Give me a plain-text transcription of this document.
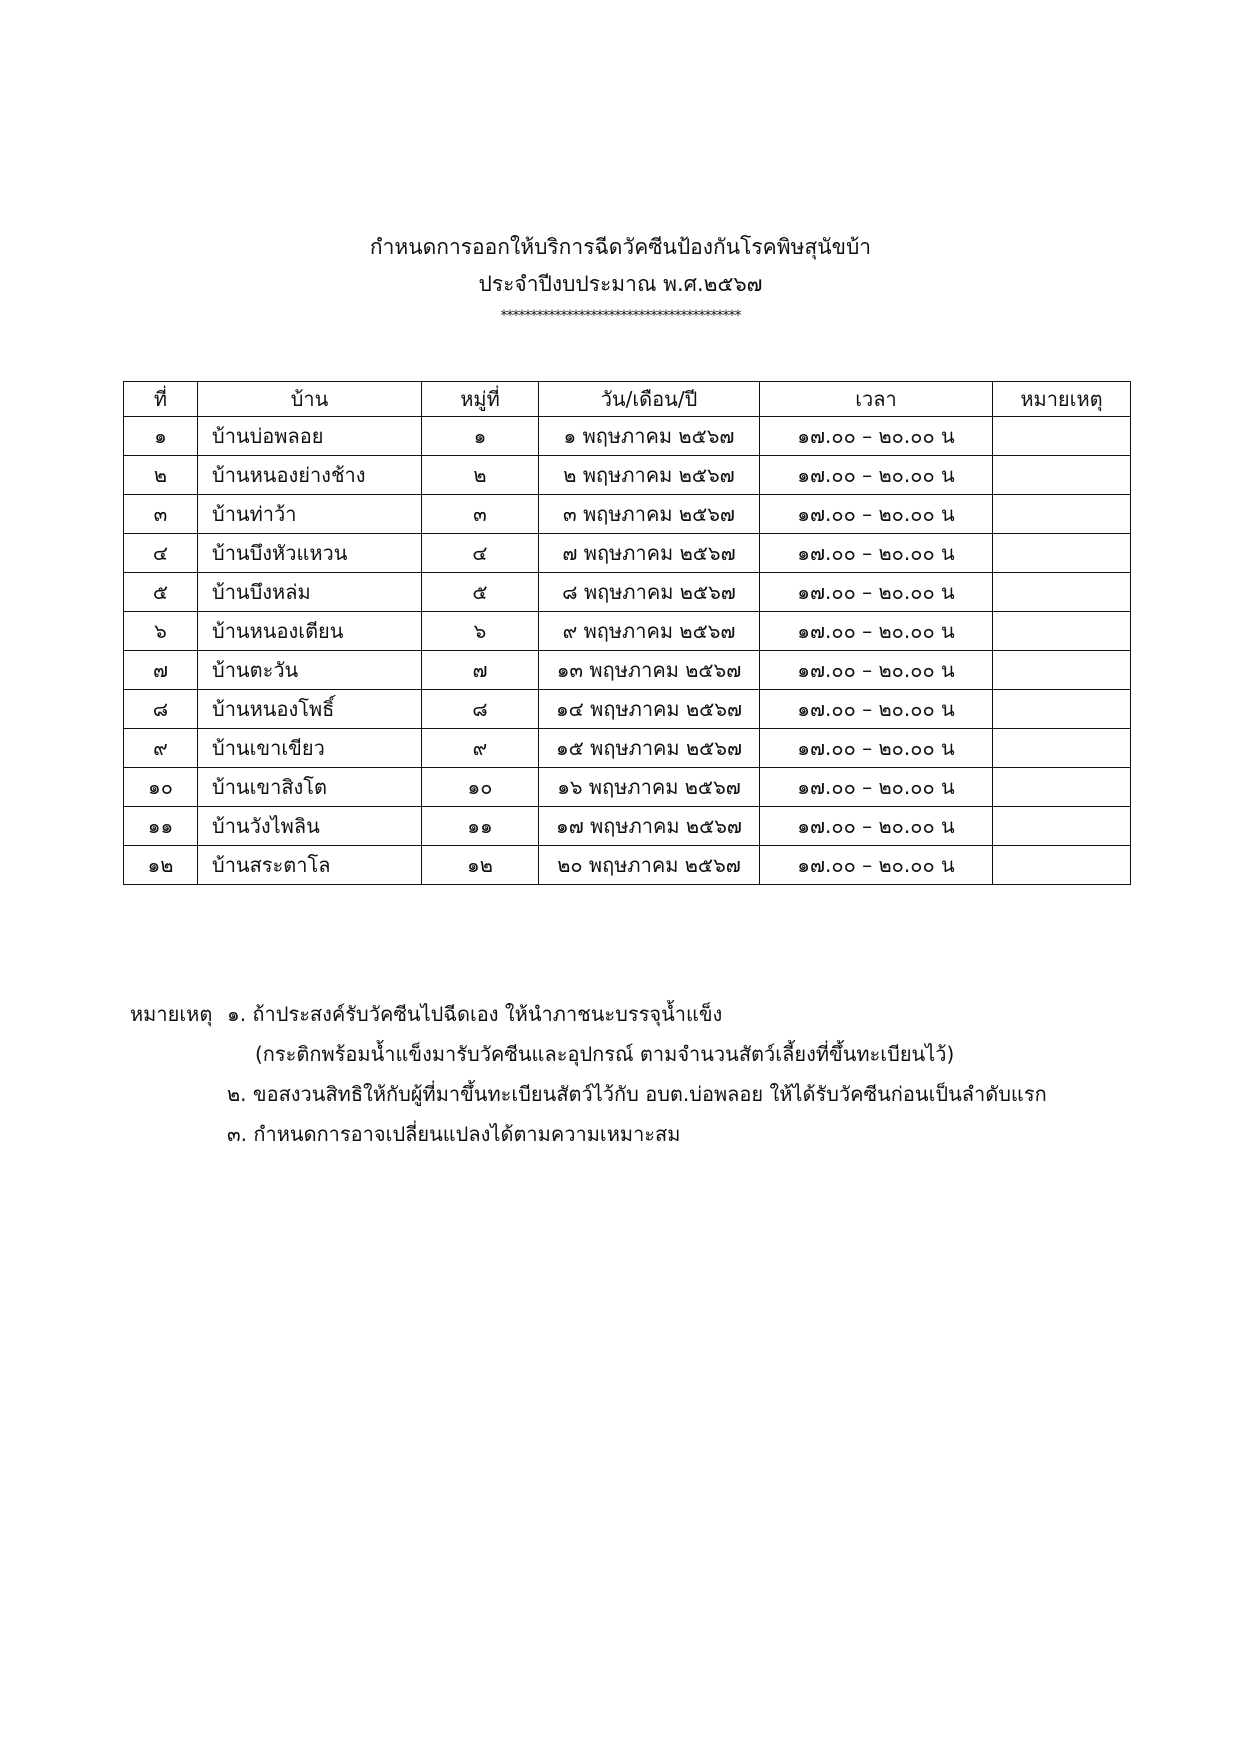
กำหนดการออกให้บริการฉีดวัคซีนป้องกันโรคพิษสุนัขบ้า
ประจำปีงบประมาณ พ.ศ.๒๕๖๗
****************************************
ที่	บ้าน	หมู่ที่	วัน/เดือน/ปี	เวลา	หมายเหตุ
๑	บ้านบ่อพลอย	๑	๑ พฤษภาคม ๒๕๖๗	๑๗.๐๐ – ๒๐.๐๐ น	
๒	บ้านหนองย่างช้าง	๒	๒ พฤษภาคม ๒๕๖๗	๑๗.๐๐ – ๒๐.๐๐ น	
๓	บ้านท่าว้า	๓	๓ พฤษภาคม ๒๕๖๗	๑๗.๐๐ – ๒๐.๐๐ น	
๔	บ้านบึงหัวแหวน	๔	๗ พฤษภาคม ๒๕๖๗	๑๗.๐๐ – ๒๐.๐๐ น	
๕	บ้านบึงหล่ม	๕	๘ พฤษภาคม ๒๕๖๗	๑๗.๐๐ – ๒๐.๐๐ น	
๖	บ้านหนองเตียน	๖	๙ พฤษภาคม ๒๕๖๗	๑๗.๐๐ – ๒๐.๐๐ น	
๗	บ้านตะวัน	๗	๑๓ พฤษภาคม ๒๕๖๗	๑๗.๐๐ – ๒๐.๐๐ น	
๘	บ้านหนองโพธิ์	๘	๑๔ พฤษภาคม ๒๕๖๗	๑๗.๐๐ – ๒๐.๐๐ น	
๙	บ้านเขาเขียว	๙	๑๕ พฤษภาคม ๒๕๖๗	๑๗.๐๐ – ๒๐.๐๐ น	
๑๐	บ้านเขาสิงโต	๑๐	๑๖ พฤษภาคม ๒๕๖๗	๑๗.๐๐ – ๒๐.๐๐ น	
๑๑	บ้านวังไพลิน	๑๑	๑๗ พฤษภาคม ๒๕๖๗	๑๗.๐๐ – ๒๐.๐๐ น	
๑๒	บ้านสระตาโล	๑๒	๒๐ พฤษภาคม ๒๕๖๗	๑๗.๐๐ – ๒๐.๐๐ น	
หมายเหตุ ๑. ถ้าประสงค์รับวัคซีนไปฉีดเอง ให้นำภาชนะบรรจุน้ำแข็ง
(กระติกพร้อมน้ำแข็งมารับวัคซีนและอุปกรณ์ ตามจำนวนสัตว์เลี้ยงที่ขึ้นทะเบียนไว้)
๒. ขอสงวนสิทธิให้กับผู้ที่มาขึ้นทะเบียนสัตว์ไว้กับ อบต.บ่อพลอย ให้ได้รับวัคซีนก่อนเป็นลำดับแรก
๓. กำหนดการอาจเปลี่ยนแปลงได้ตามความเหมาะสม
